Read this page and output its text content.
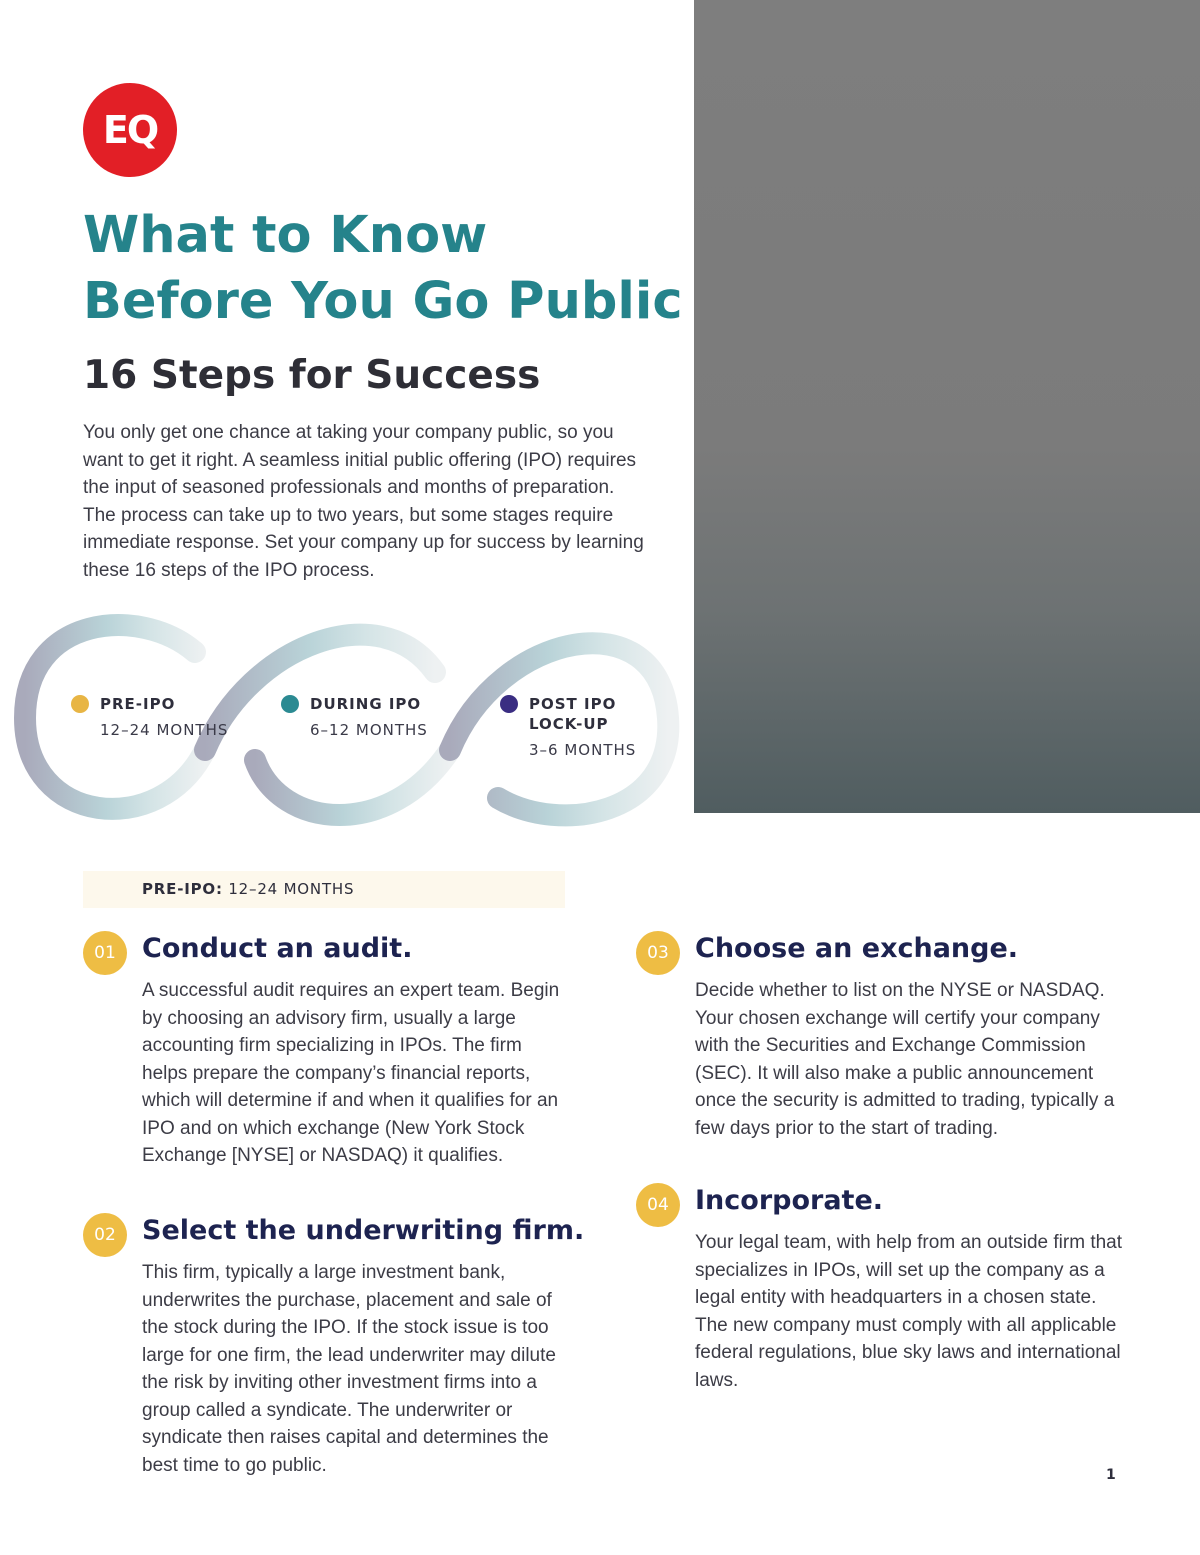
EQ
What to Know Before You Go Public
16 Steps for Success

You only get one chance at taking your company public, so you want to get it right. A seamless initial public offering (IPO) requires the input of seasoned professionals and months of preparation. The process can take up to two years, but some stages require immediate response. Set your company up for success by learning these 16 steps of the IPO process.

PRE-IPO
12–24 MONTHS
DURING IPO
6–12 MONTHS
POST IPO LOCK-UP
3–6 MONTHS
PRE-IPO: 12–24 MONTHS
01 Conduct an audit.

A successful audit requires an expert team. Begin by choosing an advisory firm, usually a large accounting firm specializing in IPOs. The firm helps prepare the company’s financial reports, which will determine if and when it qualifies for an IPO and on which exchange (New York Stock Exchange [NYSE] or NASDAQ) it qualifies.

02 Select the underwriting firm.

This firm, typically a large investment bank, underwrites the purchase, placement and sale of the stock during the IPO. If the stock issue is too large for one firm, the lead underwriter may dilute the risk by inviting other investment firms into a group called a syndicate. The underwriter or syndicate then raises capital and determines the best time to go public.

03 Choose an exchange.

Decide whether to list on the NYSE or NASDAQ. Your chosen exchange will certify your company with the Securities and Exchange Commission (SEC). It will also make a public announcement once the security is admitted to trading, typically a few days prior to the start of trading.

04 Incorporate.

Your legal team, with help from an outside firm that specializes in IPOs, will set up the company as a legal entity with headquarters in a chosen state. The new company must comply with all applicable federal regulations, blue sky laws and international laws.

1
